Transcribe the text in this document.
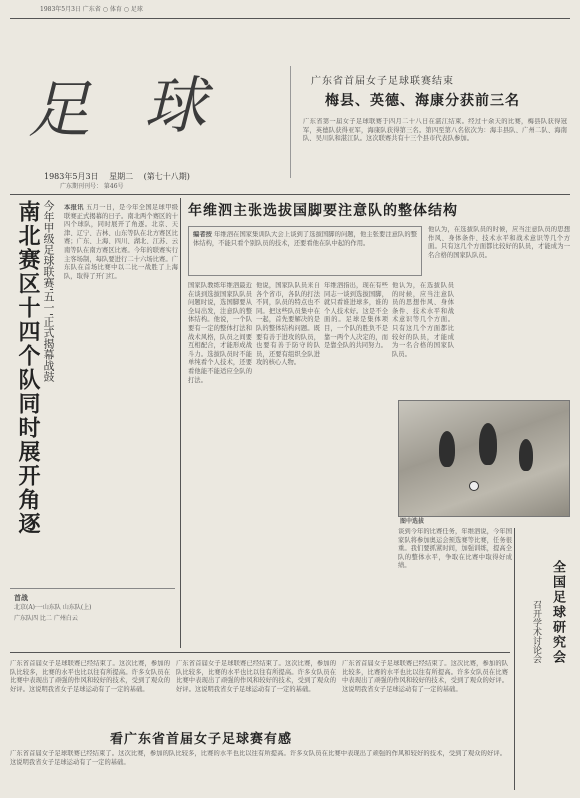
1983年5月3日 广东省 ○ 体育 ○ 足球
足 球
1983年5月3日 星期二 (第七十八期)
广东期刊刊号： 第46号
广东省首届女子足球联赛结束
梅县、英德、海康分获前三名
广东省第一届女子足球联赛于四月二十八日在湛江结束。经过十余天的比赛，梅县队获得冠军，英德队获得亚军，海康队获得第三名。第四至第八名依次为：海丰县队、广州二队、海南队、吴川队和湛江队。这次联赛共有十三个县市代表队参加。
南北赛区十四个队同时展开角逐 今年甲级足球联赛'五一'正式揭幕战鼓 本报讯 五月一日，是今年全国足球甲级联赛正式揭幕的日子。南北两个赛区的十四个球队，同时展开了角逐。北京、天津、辽宁、吉林、山东等队在北方赛区比赛；广东、上海、四川、湖北、江苏、云南等队在南方赛区比赛。今年的联赛实行主客场制，每队要进行二十六场比赛。广东队在首场比赛中以二比一战胜了上海队，取得了开门红。
首战
北京(A)·一山东队 山东队(上)
广东队四 比二 广州白云
年维泗主张选拔国脚要注意队的整体结构
编者按 年维泗在国家集训队大会上谈到了选拔国脚的问题，他主张要注意队的整体结构，不能只看个别队员的技术，还要看他在队中起的作用。
国家队教练年维泗最近在谈到选拔国家队队员问题时说，选国脚要从全局出发，注意队的整体结构。他说，一个队要有一定的整体打法和战术风格，队员之间要互相配合，才能形成战斗力。选拔队员时不能单纯看个人技术，还要看他能不能适应全队的打法。
他说，国家队队员来自各个省市，各队的打法不同，队员的特点也不同。把这些队员集中在一起，首先要解决的是队的整体结构问题。既要有善于进攻的队员，也要有善于防守的队员，还要有组织全队进攻的核心人物。
年维泗指出，现在有些同志一谈到选拔国脚，就只看谁进球多，谁的个人技术好。这是不全面的。足球是集体项目，一个队的胜负不是靠一两个人决定的，而是靠全队的共同努力。
他认为，在选拔队员的时候，应当注意队员的思想作风、身体条件、技术水平和战术意识等几个方面。只有这几个方面都比较好的队员，才能成为一名合格的国家队队员。
他认为，在选拔队员的时候，应当注意队员的思想作风、身体条件、技术水平和战术意识等几个方面。只有这几个方面都比较好的队员，才能成为一名合格的国家队队员。
图中选拔
谈到今年的比赛任务，年维泗说，今年国家队将参加奥运会预选赛等比赛，任务很重。我们要抓紧时间，加强训练，提高全队的整体水平，争取在比赛中取得好成绩。	全国足球研究会
召开学术讨论会
看广东省首届女子足球赛有感
广东省首届女子足球联赛已经结束了。这次比赛，参加的队比较多，比赛的水平也比以往有所提高。许多女队员在比赛中表现出了顽强的作风和较好的技术，受到了观众的好评。这说明我省女子足球运动有了一定的基础。
广东省首届女子足球联赛已经结束了。这次比赛，参加的队比较多，比赛的水平也比以往有所提高。许多女队员在比赛中表现出了顽强的作风和较好的技术，受到了观众的好评。这说明我省女子足球运动有了一定的基础。
广东省首届女子足球联赛已经结束了。这次比赛，参加的队比较多，比赛的水平也比以往有所提高。许多女队员在比赛中表现出了顽强的作风和较好的技术，受到了观众的好评。这说明我省女子足球运动有了一定的基础。
广东省首届女子足球联赛已经结束了。这次比赛，参加的队比较多，比赛的水平也比以往有所提高。许多女队员在比赛中表现出了顽强的作风和较好的技术，受到了观众的好评。这说明我省女子足球运动有了一定的基础。
